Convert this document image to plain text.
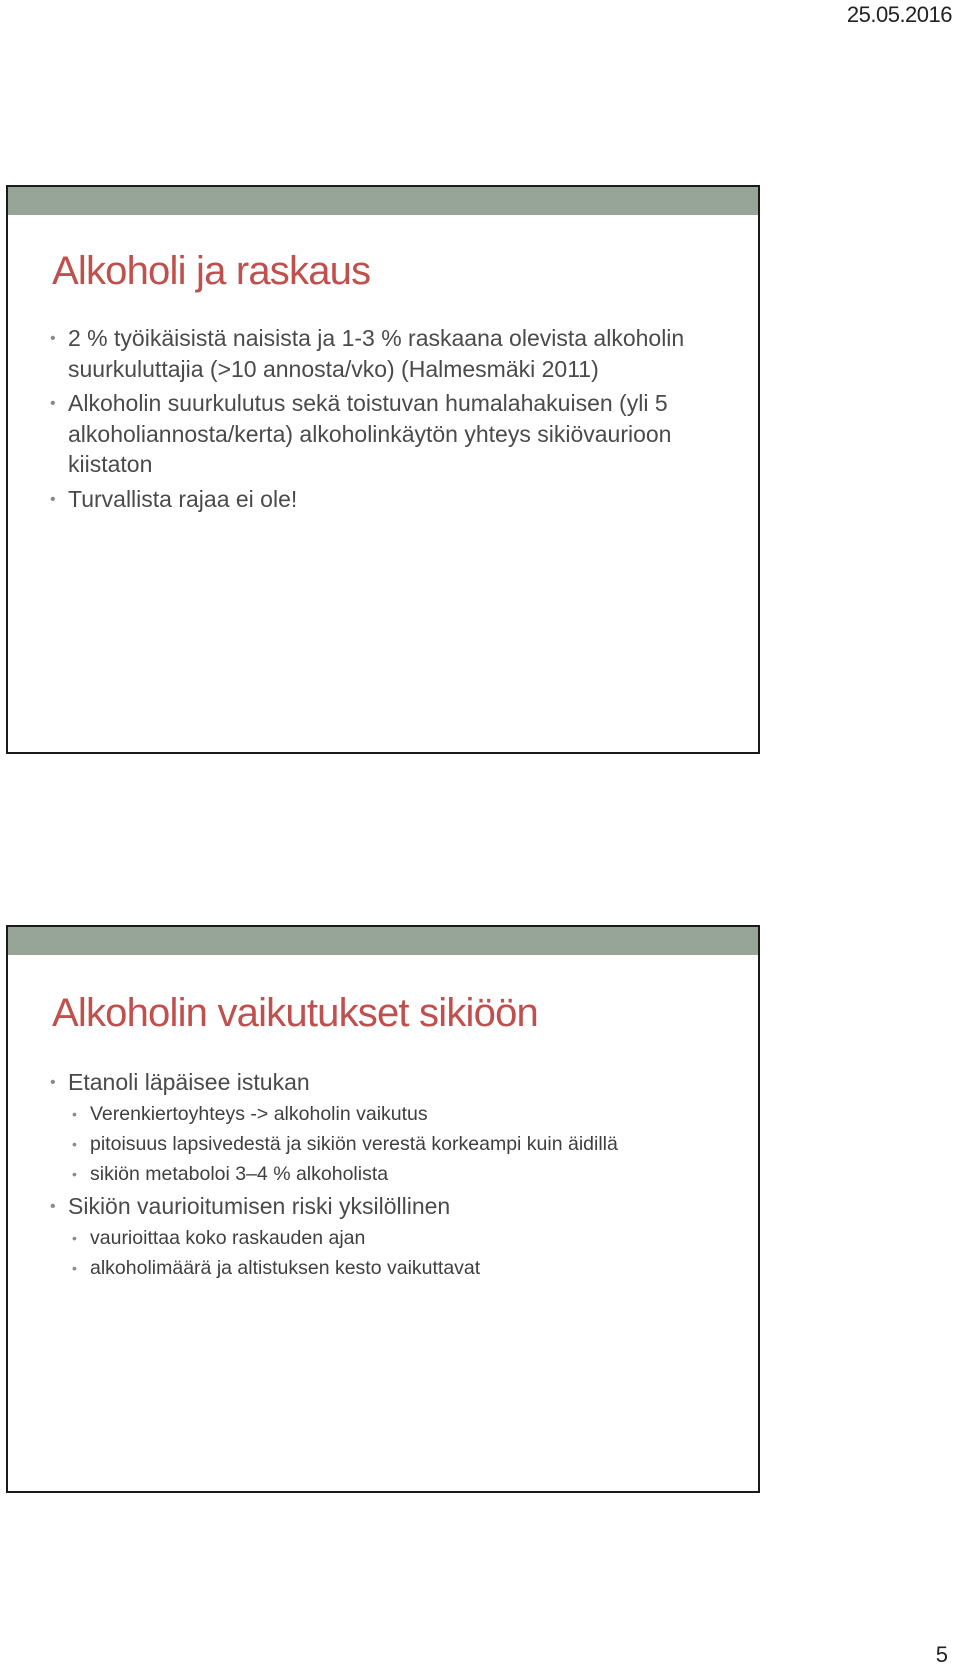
25.05.2016
Alkoholi ja raskaus
• 2 % työikäisistä naisista ja 1-3 % raskaana olevista alkoholin suurkuluttajia (>10 annosta/vko) (Halmesmäki 2011)
• Alkoholin suurkulutus sekä toistuvan humalahakuisen (yli 5 alkoholiannosta/kerta) alkoholinkäytön yhteys sikiövaurioon kiistaton
• Turvallista rajaa ei ole!
Alkoholin vaikutukset sikiöön
• Etanoli läpäisee istukan
• Verenkiertoyhteys -> alkoholin vaikutus
• pitoisuus lapsivedestä ja sikiön verestä korkeampi kuin äidillä
• sikiön metaboloi 3–4 % alkoholista
• Sikiön vaurioitumisen riski yksilöllinen
• vaurioittaa koko raskauden ajan
• alkoholimäärä ja altistuksen kesto vaikuttavat
5
